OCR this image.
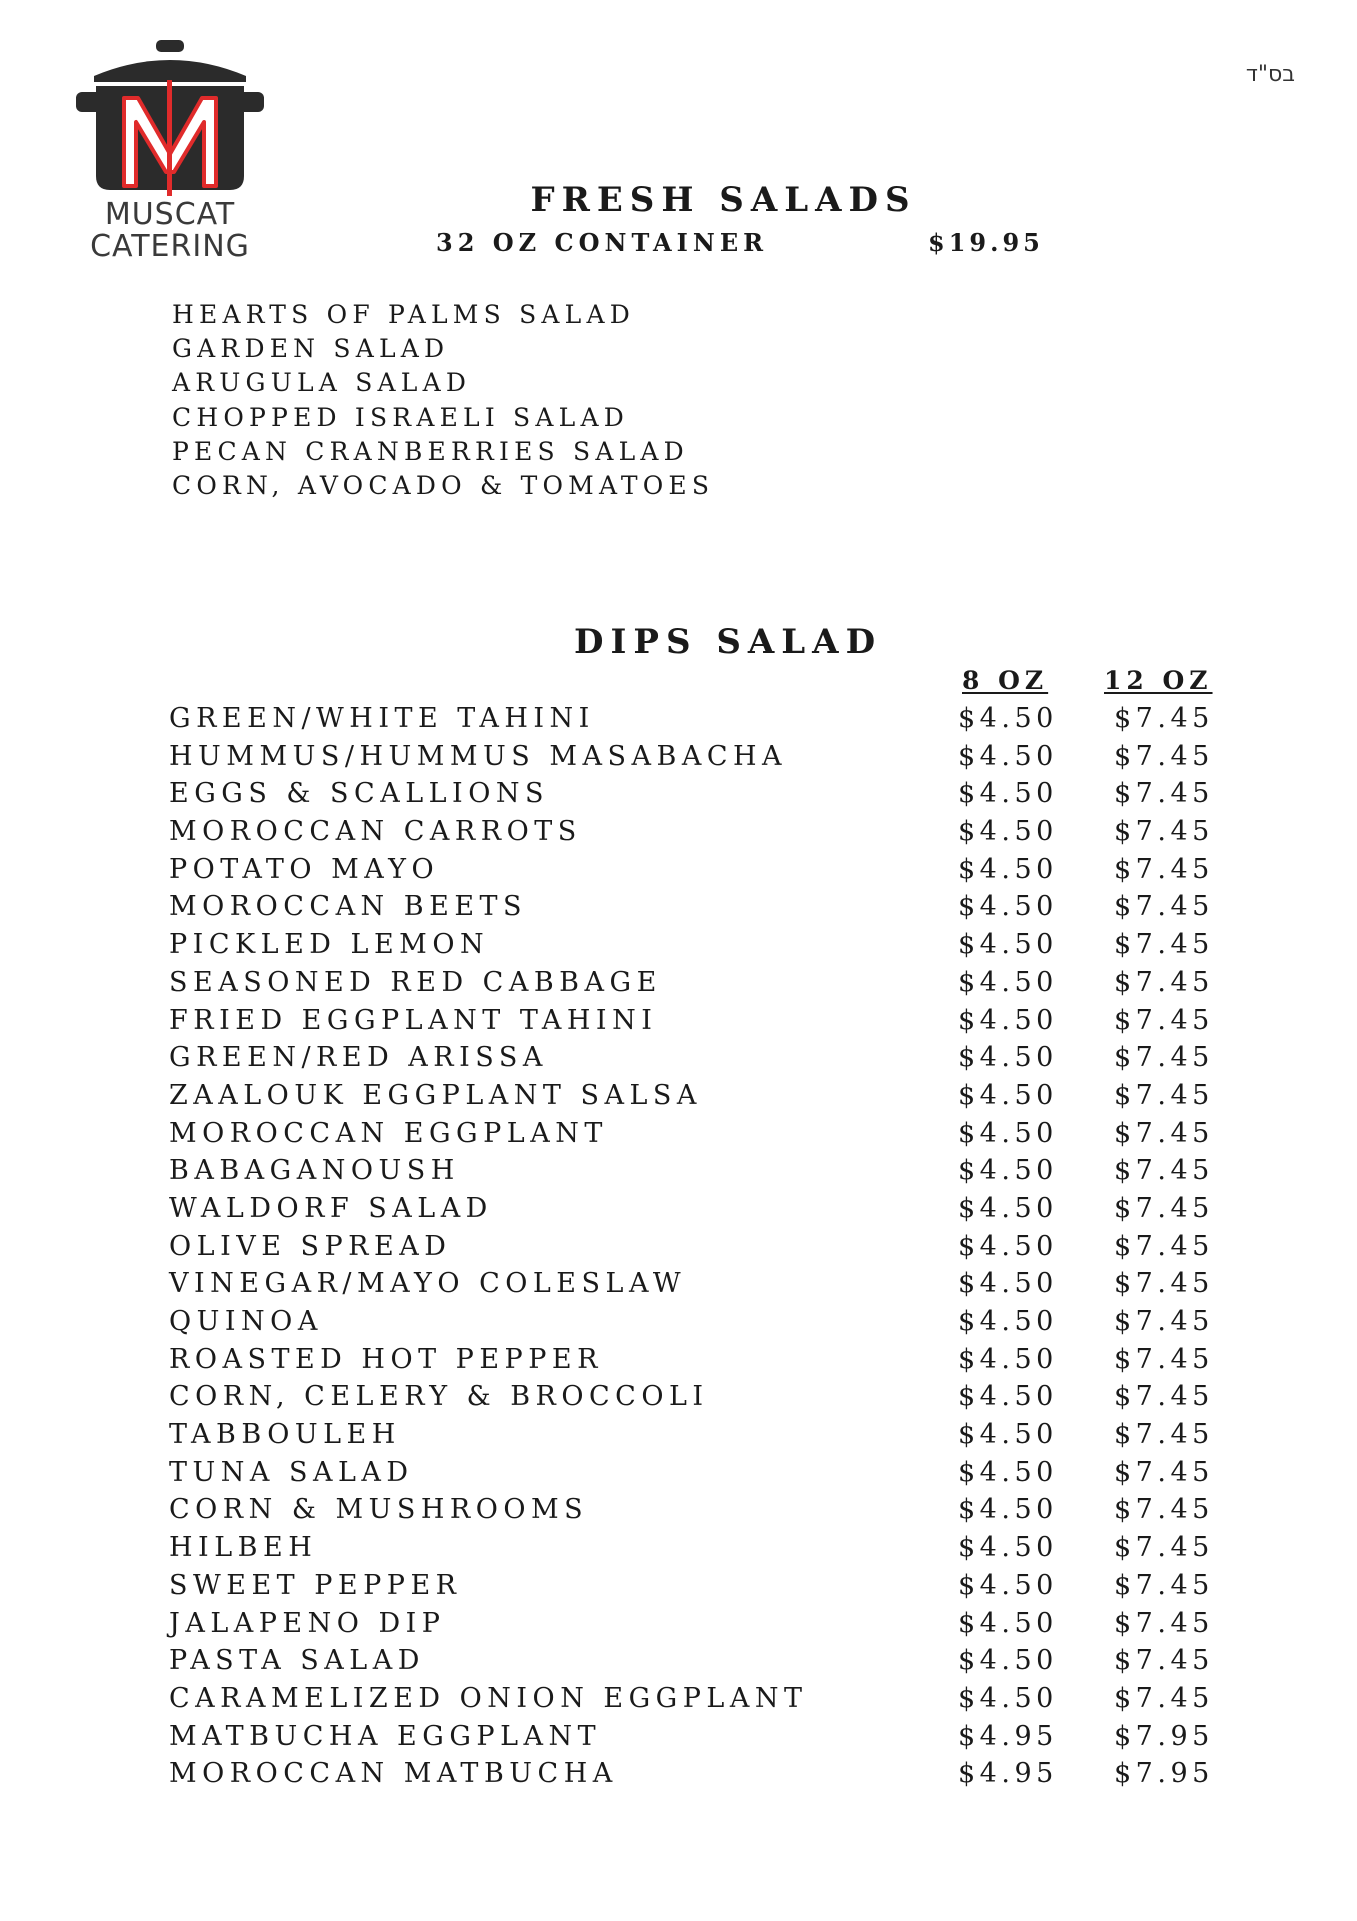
MUSCAT
CATERING
בס"ד
FRESH SALADS
32 OZ CONTAINER	$19.95
HEARTS OF PALMS SALAD
GARDEN SALAD
ARUGULA SALAD
CHOPPED ISRAELI SALAD
PECAN CRANBERRIES SALAD
CORN, AVOCADO & TOMATOES
DIPS SALAD
8 OZ 12 OZ
GREEN/WHITE TAHINI	$4.50 $7.45
HUMMUS/HUMMUS MASABACHA	$4.50 $7.45
EGGS & SCALLIONS	$4.50 $7.45
MOROCCAN CARROTS	$4.50 $7.45
POTATO MAYO	$4.50 $7.45
MOROCCAN BEETS	$4.50 $7.45
PICKLED LEMON	$4.50 $7.45
SEASONED RED CABBAGE	$4.50 $7.45
FRIED EGGPLANT TAHINI	$4.50 $7.45
GREEN/RED ARISSA	$4.50 $7.45
ZAALOUK EGGPLANT SALSA	$4.50 $7.45
MOROCCAN EGGPLANT	$4.50 $7.45
BABAGANOUSH	$4.50 $7.45
WALDORF SALAD	$4.50 $7.45
OLIVE SPREAD	$4.50 $7.45
VINEGAR/MAYO COLESLAW	$4.50 $7.45
QUINOA	$4.50 $7.45
ROASTED HOT PEPPER	$4.50 $7.45
CORN, CELERY & BROCCOLI	$4.50 $7.45
TABBOULEH	$4.50 $7.45
TUNA SALAD	$4.50 $7.45
CORN & MUSHROOMS	$4.50 $7.45
HILBEH	$4.50 $7.45
SWEET PEPPER	$4.50 $7.45
JALAPENO DIP	$4.50 $7.45
PASTA SALAD	$4.50 $7.45
CARAMELIZED ONION EGGPLANT	$4.50 $7.45
MATBUCHA EGGPLANT	$4.95 $7.95
MOROCCAN MATBUCHA	$4.95 $7.95
